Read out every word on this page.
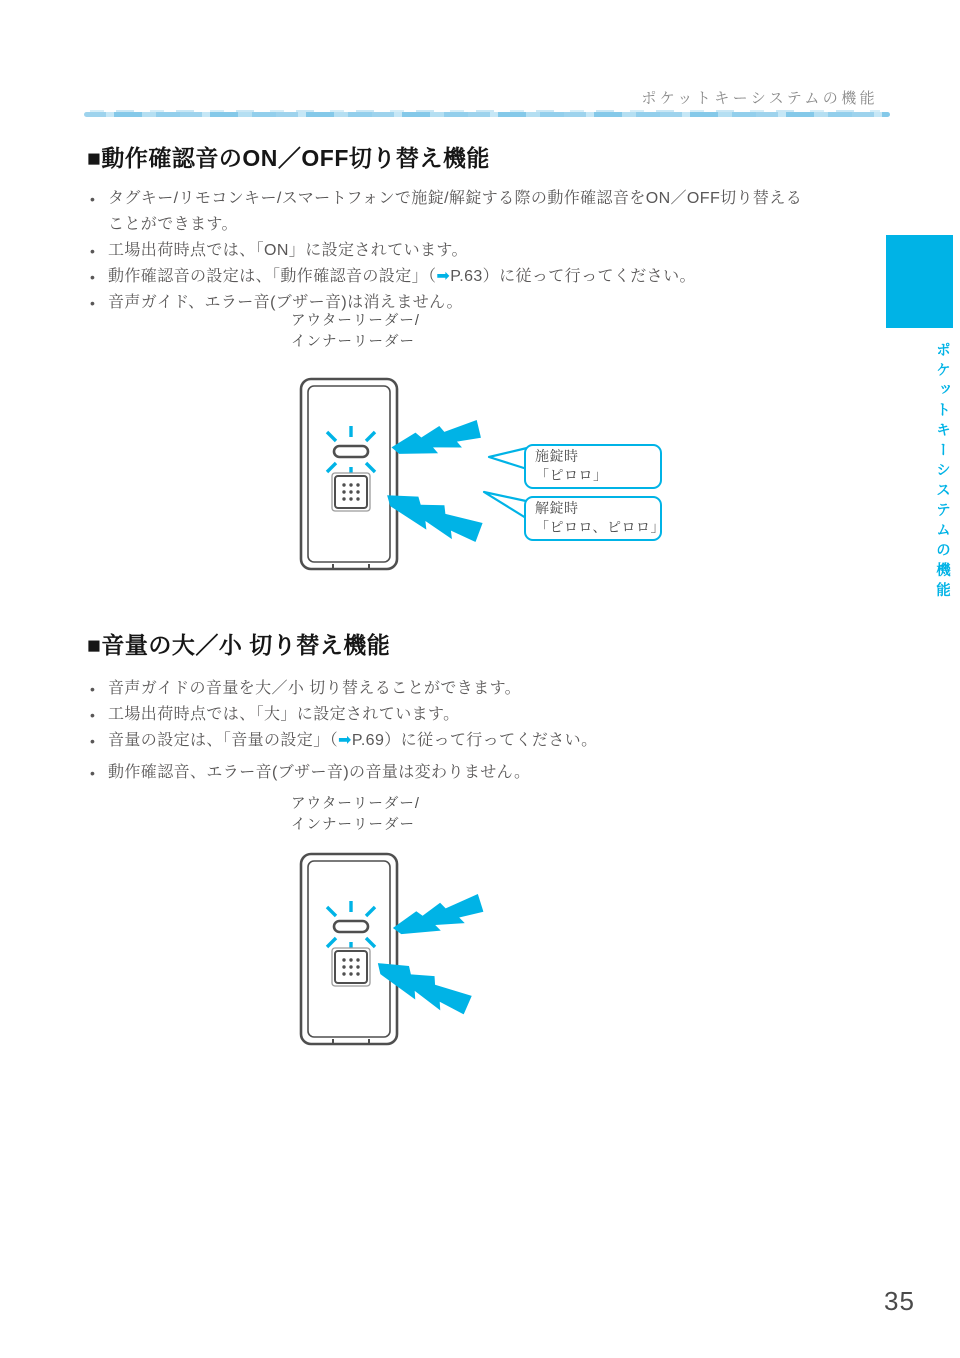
ポケットキーシステムの機能
ポケットキーシステムの機能
■動作確認音のON／OFF切り替え機能
• タグキー/リモコンキー/スマートフォンで施錠/解錠する際の動作確認音をON／OFF切り替える
ことができます。
• 工場出荷時点では、「ON」に設定されています。
• 動作確認音の設定は、「動作確認音の設定」（➡P.63）に従って行ってください。
• 音声ガイド、エラー音(ブザー音)は消えません。
アウターリーダー/
インナーリーダー
施錠時
「ピロロ」
解錠時
「ピロロ、ピロロ」
■音量の大／小 切り替え機能
• 音声ガイドの音量を大／小 切り替えることができます。
• 工場出荷時点では、「大」に設定されています。
• 音量の設定は、「音量の設定」（➡P.69）に従って行ってください。
• 動作確認音、エラー音(ブザー音)の音量は変わりません。
アウターリーダー/
インナーリーダー
35
